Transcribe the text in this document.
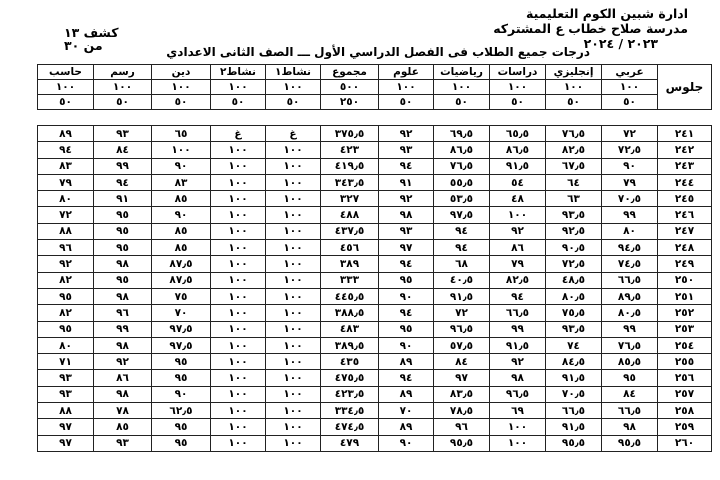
ادارة شبين الكوم التعليمية
مدرسة صلاح خطاب ع المشتركه
٢٠٢٣ / ٢٠٢٤
كشف ١٣
من ٣٠	درجات جميع الطلاب فى الفصل الدراسي الأول ـــ الصف الثانى الاعدادي
جلوس	عربي	إنجليزي	دراسات	رياضيات	علوم	مجموع	نشاط١	نشاط٢	دين	رسم	حاسب
	١٠٠	١٠٠	١٠٠	١٠٠	١٠٠	٥٠٠	١٠٠	١٠٠	١٠٠	١٠٠	١٠٠
	٥٠	٥٠	٥٠	٥٠	٥٠	٢٥٠	٥٠	٥٠	٥٠	٥٠	٥٠
٢٤١	٧٢	٧٦٫٥	٦٥٫٥	٦٩٫٥	٩٢	٣٧٥٫٥	غ	غ	٦٥	٩٣	٨٩
٢٤٢	٧٢٫٥	٨٢٫٥	٨٦٫٥	٨٦٫٥	٩٣	٤٢٣	١٠٠	١٠٠	١٠٠	٨٤	٩٤
٢٤٣	٩٠	٦٧٫٥	٩١٫٥	٧٦٫٥	٩٤	٤١٩٫٥	١٠٠	١٠٠	٩٠	٩٩	٨٣
٢٤٤	٧٩	٦٤	٥٤	٥٥٫٥	٩١	٣٤٣٫٥	١٠٠	١٠٠	٨٣	٩٤	٧٩
٢٤٥	٧٠٫٥	٦٣	٤٨	٥٣٫٥	٩٢	٣٢٧	١٠٠	١٠٠	٨٥	٩١	٨٠
٢٤٦	٩٩	٩٣٫٥	١٠٠	٩٧٫٥	٩٨	٤٨٨	١٠٠	١٠٠	٩٠	٩٥	٧٢
٢٤٧	٨٠	٩٢٫٥	٩٢	٩٤	٩٣	٤٣٧٫٥	١٠٠	١٠٠	٨٥	٩٥	٨٨
٢٤٨	٩٤٫٥	٩٠٫٥	٨٦	٩٤	٩٧	٤٥٦	١٠٠	١٠٠	٨٥	٩٥	٩٦
٢٤٩	٧٤٫٥	٧٢٫٥	٧٩	٦٨	٩٤	٣٨٩	١٠٠	١٠٠	٨٧٫٥	٩٨	٩٢
٢٥٠	٦٦٫٥	٤٨٫٥	٨٢٫٥	٤٠٫٥	٩٥	٣٣٣	١٠٠	١٠٠	٨٧٫٥	٩٥	٨٢
٢٥١	٨٩٫٥	٨٠٫٥	٩٤	٩١٫٥	٩٠	٤٤٥٫٥	١٠٠	١٠٠	٧٥	٩٨	٩٥
٢٥٢	٨٠٫٥	٧٥٫٥	٦٦٫٥	٧٢	٩٤	٣٨٨٫٥	١٠٠	١٠٠	٧٠	٩٦	٨٢
٢٥٣	٩٩	٩٣٫٥	٩٩	٩٦٫٥	٩٥	٤٨٣	١٠٠	١٠٠	٩٧٫٥	٩٩	٩٥
٢٥٤	٧٦٫٥	٧٤	٩١٫٥	٥٧٫٥	٩٠	٣٨٩٫٥	١٠٠	١٠٠	٩٧٫٥	٩٨	٨٠
٢٥٥	٨٥٫٥	٨٤٫٥	٩٢	٨٤	٨٩	٤٣٥	١٠٠	١٠٠	٩٥	٩٢	٧١
٢٥٦	٩٥	٩١٫٥	٩٨	٩٧	٩٤	٤٧٥٫٥	١٠٠	١٠٠	٩٥	٨٦	٩٣
٢٥٧	٨٤	٧٠٫٥	٩٦٫٥	٨٣٫٥	٨٩	٤٢٣٫٥	١٠٠	١٠٠	٩٠	٩٨	٩٣
٢٥٨	٦٦٫٥	٦٦٫٥	٦٩	٧٨٫٥	٧٠	٣٣٤٫٥	١٠٠	١٠٠	٦٢٫٥	٧٨	٨٨
٢٥٩	٩٨	٩١٫٥	١٠٠	٩٦	٨٩	٤٧٤٫٥	١٠٠	١٠٠	٩٥	٨٥	٩٧
٢٦٠	٩٥٫٥	٩٥٫٥	١٠٠	٩٥٫٥	٩٠	٤٧٩	١٠٠	١٠٠	٩٥	٩٣	٩٧
